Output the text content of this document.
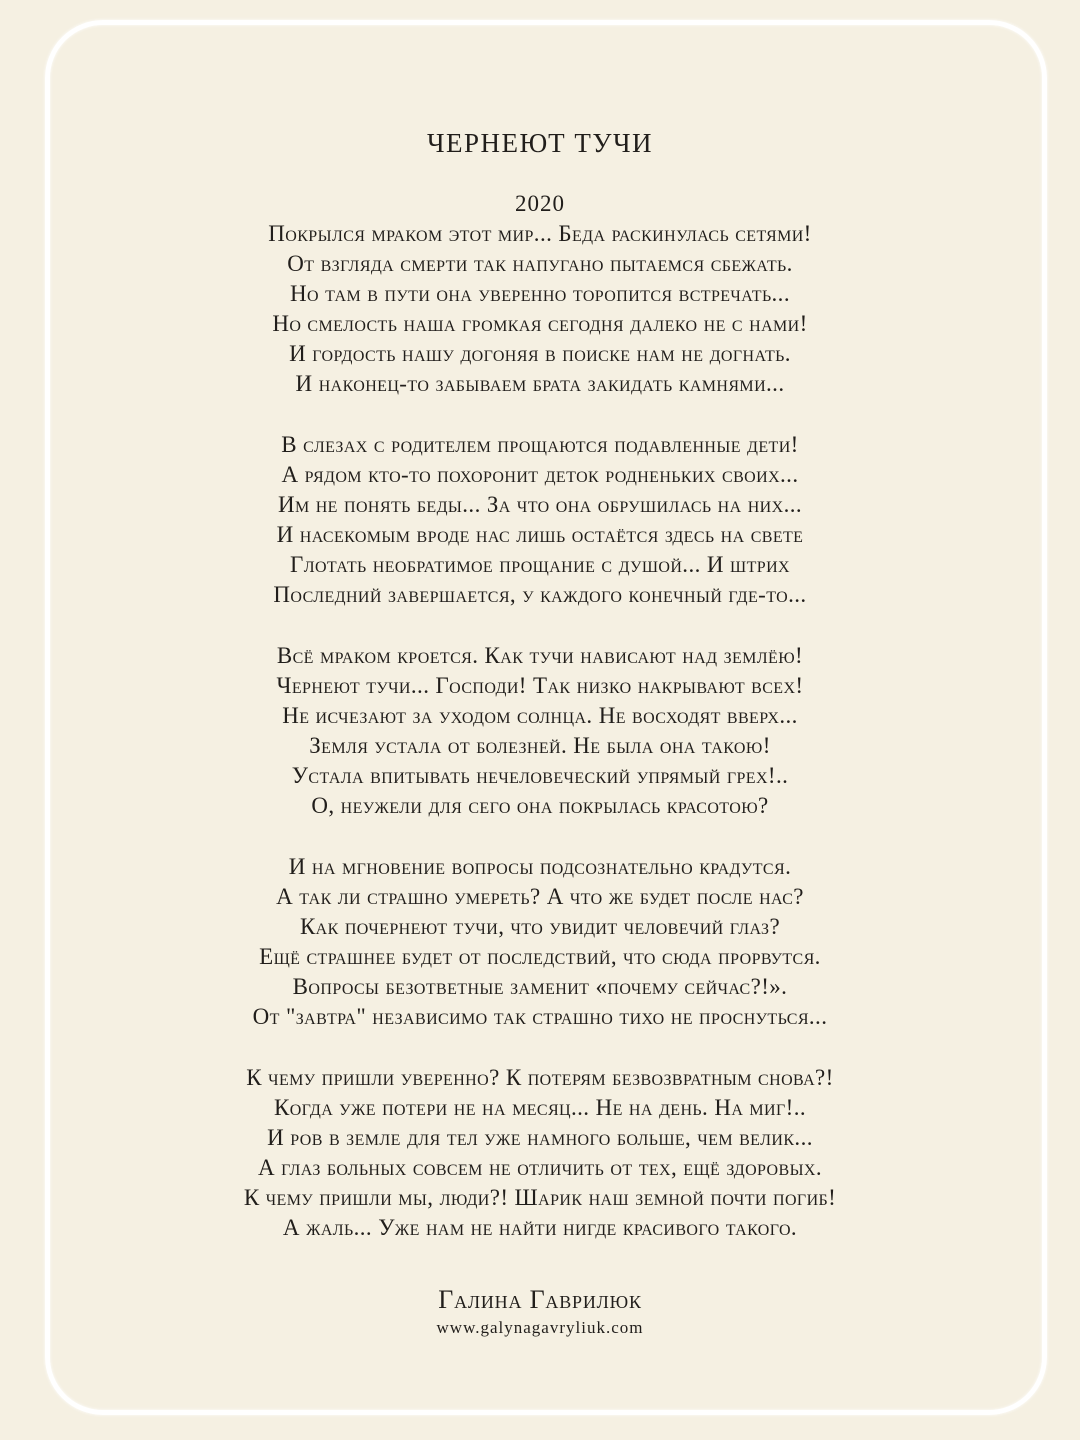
ЧЕРНЕЮТ ТУЧИ
2020

Покрылся мраком этот мир... Беда раскинулась сетями!

От взгляда смерти так напугано пытаемся сбежать.

Но там в пути она уверенно торопится встречать...

Но смелость наша громкая сегодня далеко не с нами!

И гордость нашу догоняя в поиске нам не догнать.

И наконец-то забываем брата закидать камнями...

В слезах с родителем прощаются подавленные дети!

А рядом кто-то похоронит деток родненьких своих...

Им не понять беды... За что она обрушилась на них...

И насекомым вроде нас лишь остаётся здесь на свете

Глотать необратимое прощание с душой... И штрих

Последний завершается, у каждого конечный где-то...

Всё мраком кроется. Как тучи нависают над землёю!

Чернеют тучи... Господи! Так низко накрывают всех!

Не исчезают за уходом солнца. Не восходят вверх...

Земля устала от болезней. Не была она такою!

Устала впитывать нечеловеческий упрямый грех!..

О, неужели для сего она покрылась красотою?

И на мгновение вопросы подсознательно крадутся.

А так ли страшно умереть? А что же будет после нас?

Как почернеют тучи, что увидит человечий глаз?

Ещё страшнее будет от последствий, что сюда прорвутся.

Вопросы безответные заменит «почему сейчас?!».

От "завтра" независимо так страшно тихо не проснуться...

К чему пришли уверенно? К потерям безвозвратным снова?!

Когда уже потери не на месяц... Не на день. На миг!..

И ров в земле для тел уже намного больше, чем велик...

А глаз больных совсем не отличить от тех, ещё здоровых.

К чему пришли мы, люди?! Шарик наш земной почти погиб!

А жаль... Уже нам не найти нигде красивого такого.

Галина Гаврилюк
www.galynagavryliuk.com
